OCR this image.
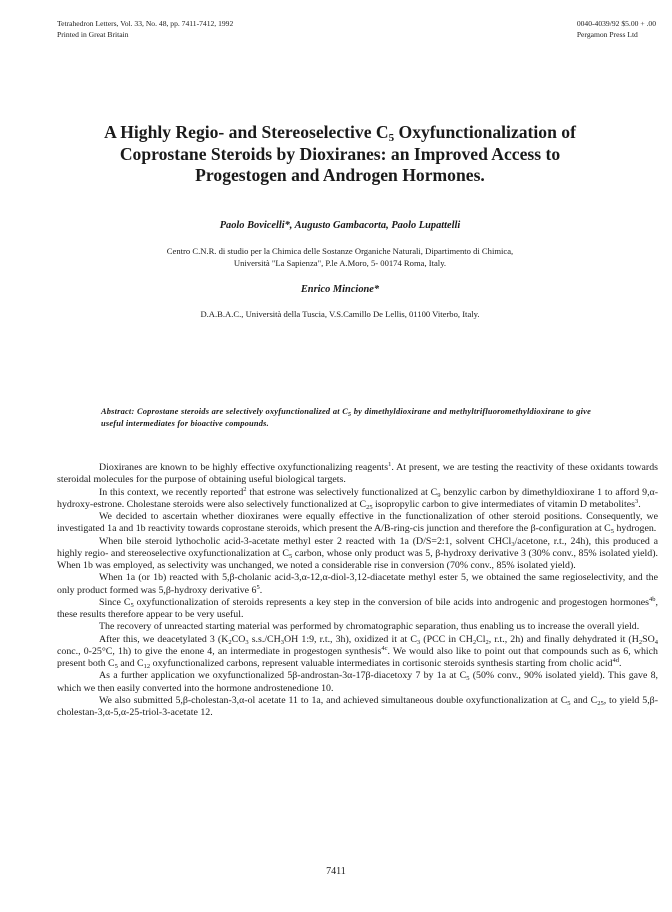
Tetrahedron Letters, Vol. 33, No. 48, pp. 7411-7412, 1992
Printed in Great Britain
0040-4039/92 $5.00 + .00
Pergamon Press Ltd
A Highly Regio- and Stereoselective $C_5$ Oxyfunctionalization of
Coprostane Steroids by Dioxiranes: an Improved Access to
Progestogen and Androgen Hormones.
Paolo Bovicelli*, Augusto Gambacorta, Paolo Lupattelli
Centro C.N.R. di studio per la Chimica delle Sostanze Organiche Naturali, Dipartimento di Chimica,
Università "La Sapienza", P.le A.Moro, 5- 00174 Roma, Italy.
Enrico Mincione*
D.A.B.A.C., Università della Tuscia, V.S.Camillo De Lellis, 01100 Viterbo, Italy.
Abstract: Coprostane steroids are selectively oxyfunctionalized at $C_5$ by dimethyldioxirane and methyltrifluoromethyldioxirane to give useful intermediates for bioactive compounds.

Dioxiranes are known to be highly effective oxyfunctionalizing reagents$^1$. At present, we are testing the reactivity of these oxidants towards steroidal molecules for the purpose of obtaining useful biological targets.

In this context, we recently reported$^2$ that estrone was selectively functionalized at $C_9$ benzylic carbon by dimethyldioxirane 1 to afford 9,α-hydroxy-estrone. Cholestane steroids were also selectively functionalized at $C_{25}$ isopropylic carbon to give intermediates of vitamin D metabolites$^3$.

We decided to ascertain whether dioxiranes were equally effective in the functionalization of other steroid positions. Consequently, we investigated 1a and 1b reactivity towards coprostane steroids, which present the A/B-ring-cis junction and therefore the β-configuration at $C_5$ hydrogen.

When bile steroid lythocholic acid-3-acetate methyl ester 2 reacted with 1a (D/S=2:1, solvent CHCl$_3$/acetone, r.t., 24h), this produced a highly regio- and stereoselective oxyfunctionalization at $C_5$ carbon, whose only product was 5, β-hydroxy derivative 3 (30% conv., 85% isolated yield). When 1b was employed, as selectivity was unchanged, we noted a considerable rise in conversion (70% conv., 85% isolated yield).

When 1a (or 1b) reacted with 5,β-cholanic acid-3,α-12,α-diol-3,12-diacetate methyl ester 5, we obtained the same regioselectivity, and the only product formed was 5,β-hydroxy derivative $6^5$.

Since $C_5$ oxyfunctionalization of steroids represents a key step in the conversion of bile acids into androgenic and progestogen hormones$^{4b}$, these results therefore appear to be very useful.

The recovery of unreacted starting material was performed by chromatographic separation, thus enabling us to increase the overall yield.

After this, we deacetylated 3 ($K_2CO_3$ $s.s./CH_3OH$ 1:9, r.t., 3h), oxidized it at $C_3$ (PCC in $CH_2Cl_2$, r.t., 2h) and finally dehydrated it ($H_2SO_4$ conc., 0-25°C, 1h) to give the enone 4, an intermediate in progestogen synthesis$^{4c}$. We would also like to point out that compounds such as 6, which present both $C_5$ and $C_{12}$ oxyfunctionalized carbons, represent valuable intermediates in cortisonic steroids synthesis starting from cholic acid$^{4d}$.

As a further application we oxyfunctionalized 5β-androstan-3α-17β-diacetoxy 7 by 1a at $C_5$ (50% conv., 90% isolated yield). This gave 8, which we then easily converted into the hormone androstenedione 10.

We also submitted 5,β-cholestan-3,α-ol acetate 11 to 1a, and achieved simultaneous double oxyfunctionalization at $C_5$ and $C_{25}$, to yield 5,β-cholestan-3,α-5,α-25-triol-3-acetate 12.

7411
